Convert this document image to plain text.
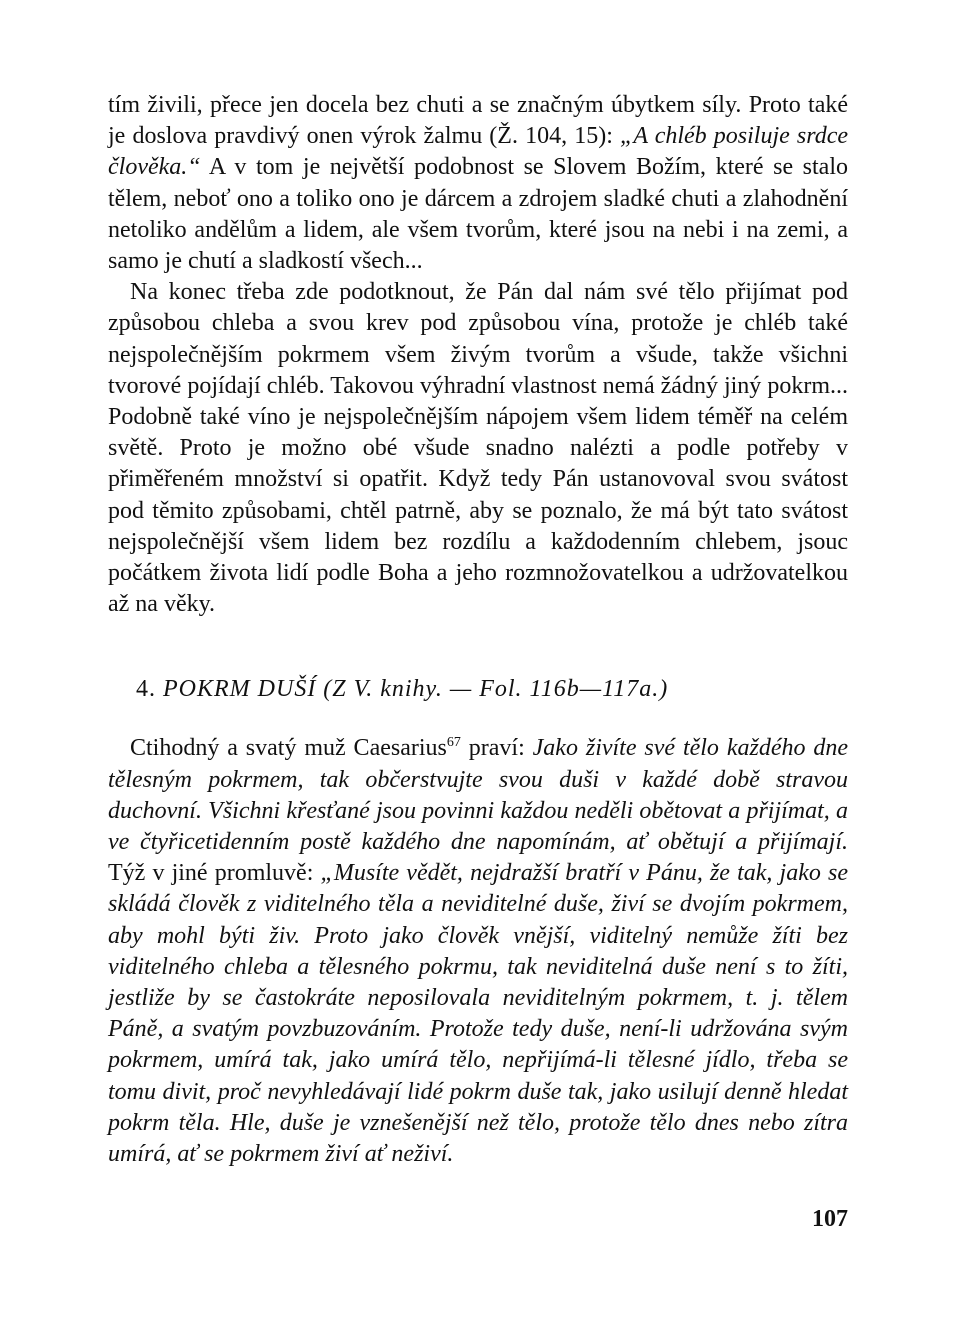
tím živili, přece jen docela bez chuti a se značným úbytkem síly. Proto také je doslova pravdivý onen výrok žalmu (Ž. 104, 15): „A chléb posiluje srdce člověka.“ A v tom je největší podobnost se Slovem Božím, které se stalo tělem, neboť ono a toliko ono je dárcem a zdrojem sladké chuti a zlahodnění netoliko andělům a lidem, ale všem tvorům, které jsou na nebi i na zemi, a samo je chutí a sladkostí všech...

Na konec třeba zde podotknout, že Pán dal nám své tělo přijímat pod způsobou chleba a svou krev pod způsobou vína, protože je chléb také nejspolečnějším pokrmem všem živým tvorům a všude, takže všichni tvorové pojídají chléb. Takovou výhradní vlastnost nemá žádný jiný pokrm... Podobně také víno je nejspolečnějším nápojem všem lidem téměř na celém světě. Proto je možno obé všude snadno nalézti a podle potřeby v přiměřeném množství si opatřit. Když tedy Pán ustanovoval svou svátost pod těmito způsobami, chtěl patrně, aby se poznalo, že má být tato svátost nejspolečnější všem lidem bez rozdílu a každodenním chlebem, jsouc počátkem života lidí podle Boha a jeho rozmnožovatelkou a udržovatelkou až na věky.

4. POKRM DUŠÍ (Z V. knihy. — Fol. 116b—117a.)

Ctihodný a svatý muž Caesarius$^{67}$ praví: Jako živíte své tělo každého dne tělesným pokrmem, tak občerstvujte svou duši v každé době stravou duchovní. Všichni křesťané jsou povinni každou neděli obětovat a přijímat, a ve čtyřicetidenním postě každého dne napomínám, ať obětují a přijímají. Týž v jiné promluvě: „Musíte vědět, nejdražší bratří v Pánu, že tak, jako se skládá člověk z viditelného těla a neviditelné duše, živí se dvojím pokrmem, aby mohl býti živ. Proto jako člověk vnější, viditelný nemůže žíti bez viditelného chleba a tělesného pokrmu, tak neviditelná duše není s to žíti, jestliže by se častokráte neposilovala neviditelným pokrmem, t. j. tělem Páně, a svatým povzbuzováním. Protože tedy duše, není-li udržována svým pokrmem, umírá tak, jako umírá tělo, nepřijímá-li tělesné jídlo, třeba se tomu divit, proč nevyhledávají lidé pokrm duše tak, jako usilují denně hledat pokrm těla. Hle, duše je vznešenější než tělo, protože tělo dnes nebo zítra umírá, ať se pokrmem živí ať neživí.

107
